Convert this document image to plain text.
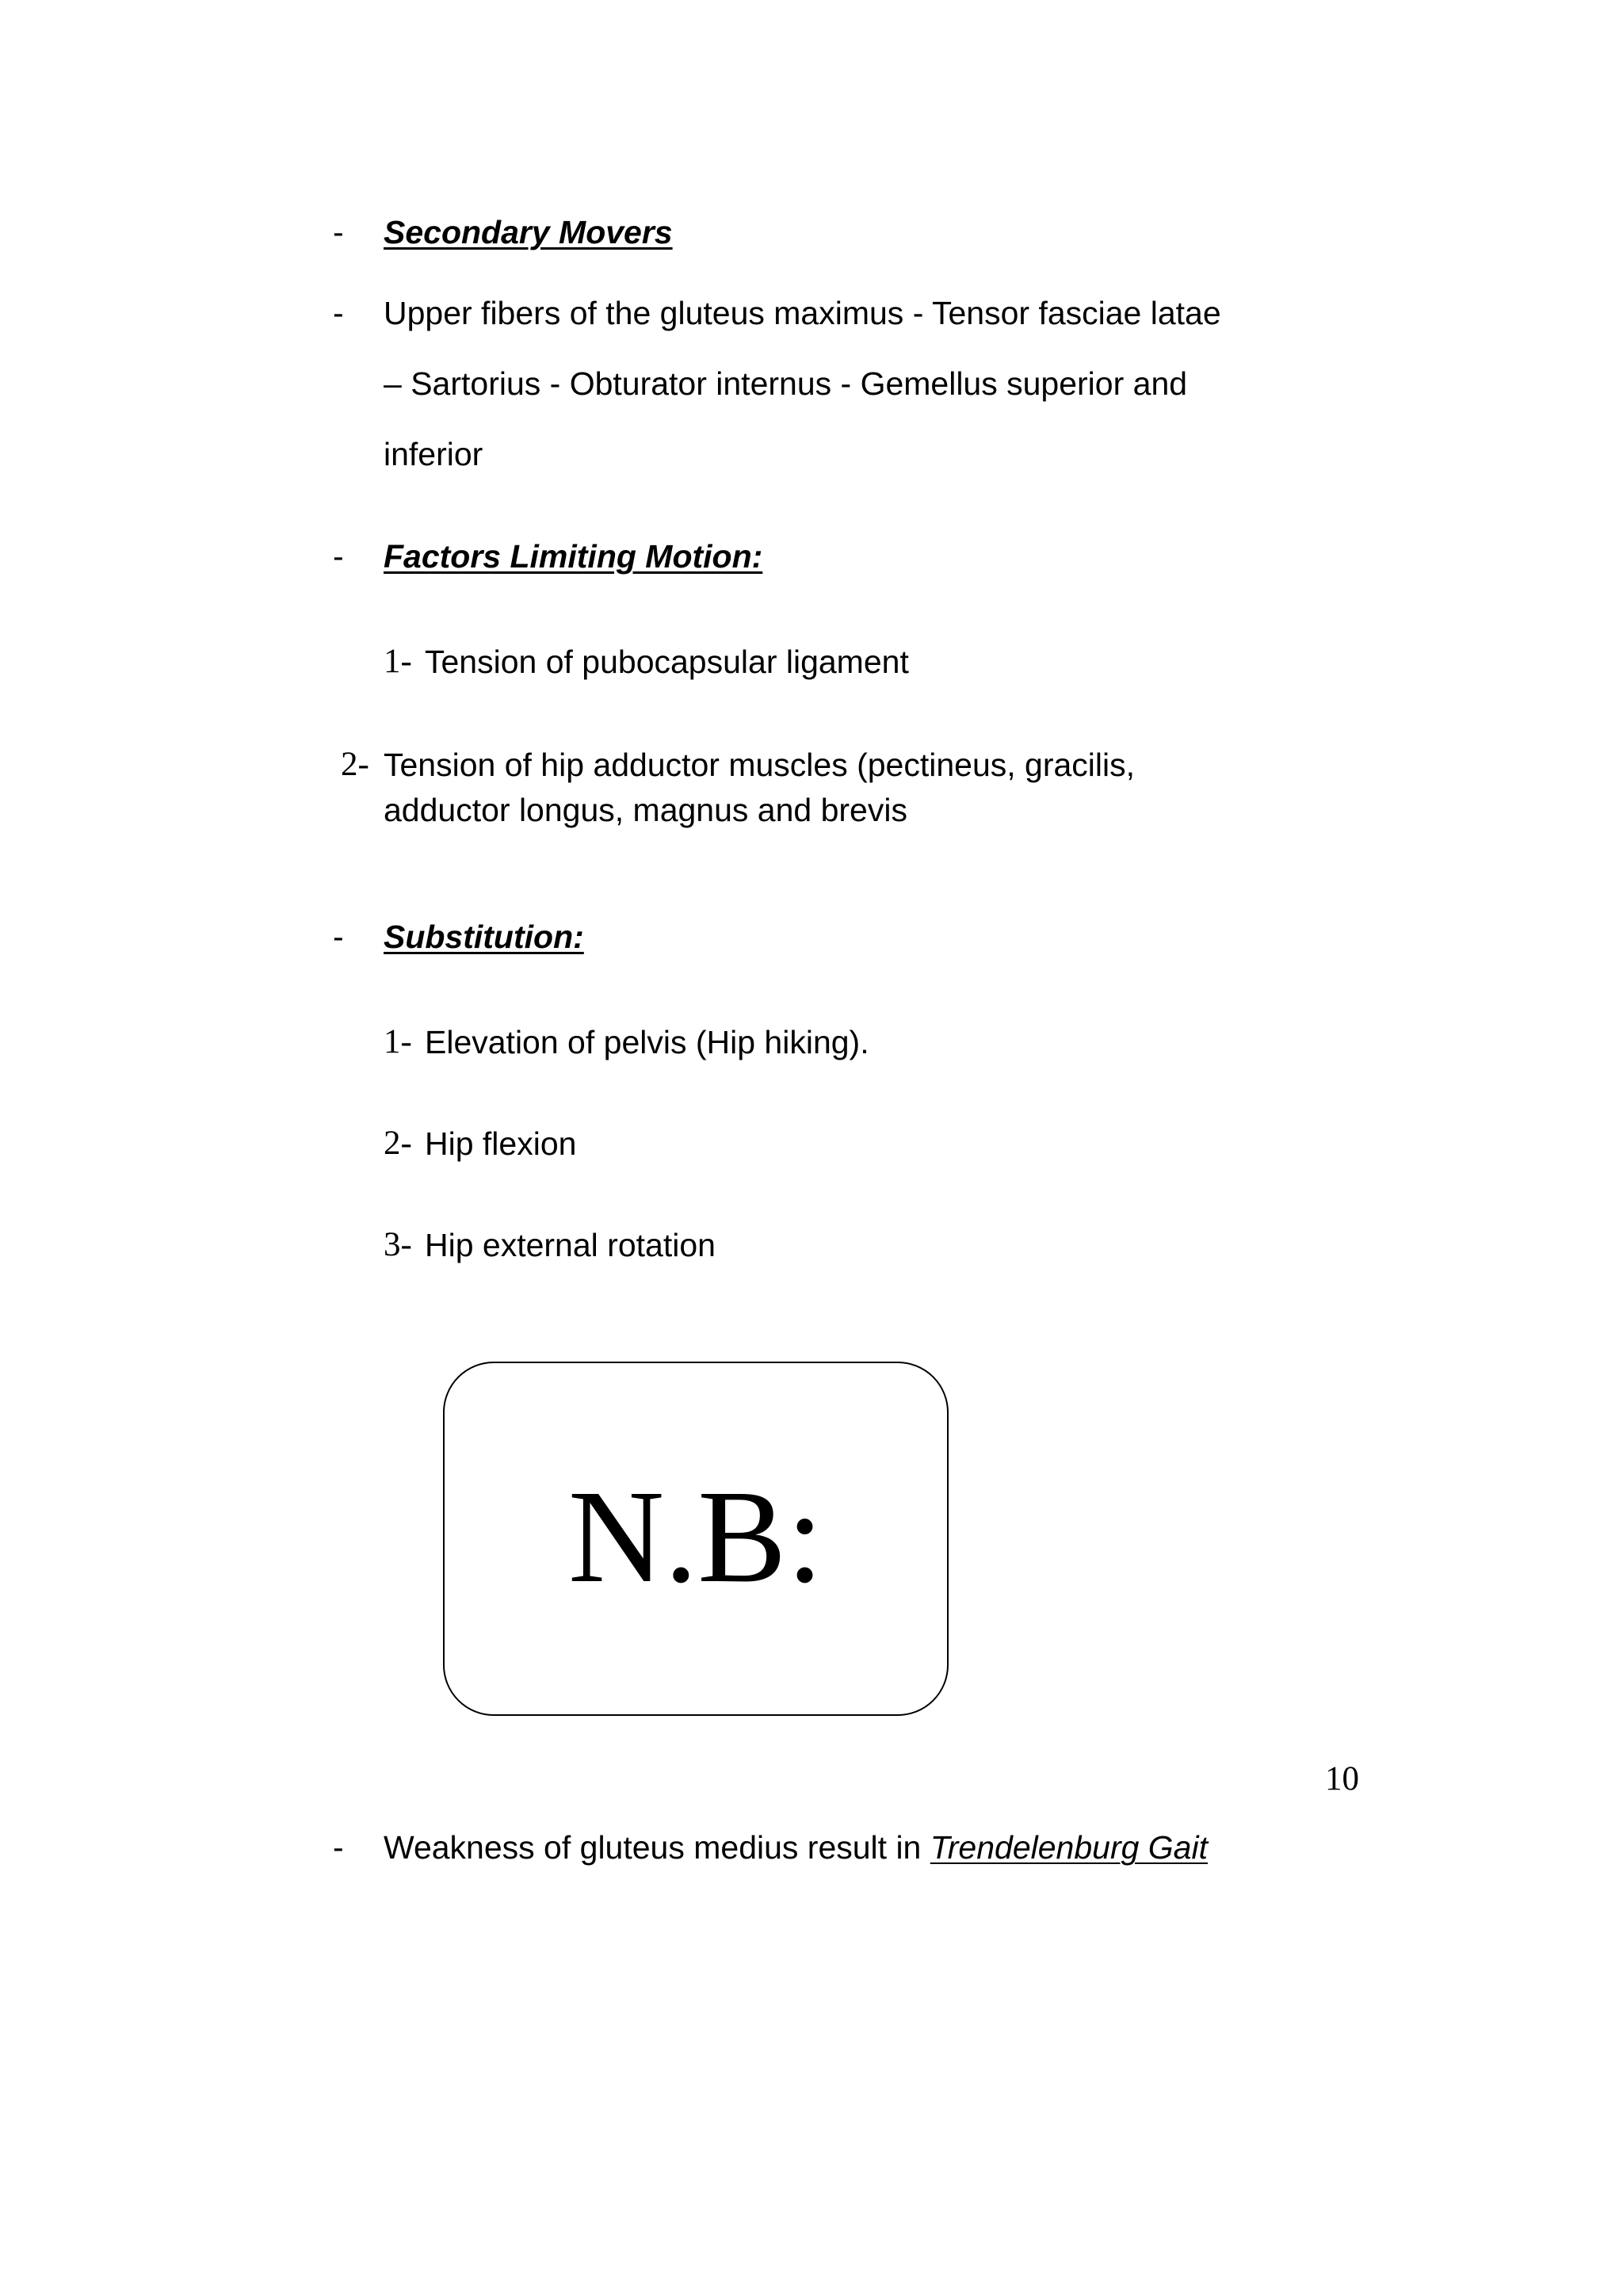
- Secondary Movers
- Upper fibers of the gluteus maximus - Tensor fasciae latae
– Sartorius - Obturator internus - Gemellus superior and
inferior
- Factors Limiting Motion:
1- Tension of pubocapsular ligament
2- Tension of hip adductor muscles (pectineus, gracilis,
adductor longus, magnus and brevis
- Substitution:
1- Elevation of pelvis (Hip hiking).
2- Hip flexion
3- Hip external rotation
N.B:
10
- Weakness of gluteus medius result in Trendelenburg Gait
